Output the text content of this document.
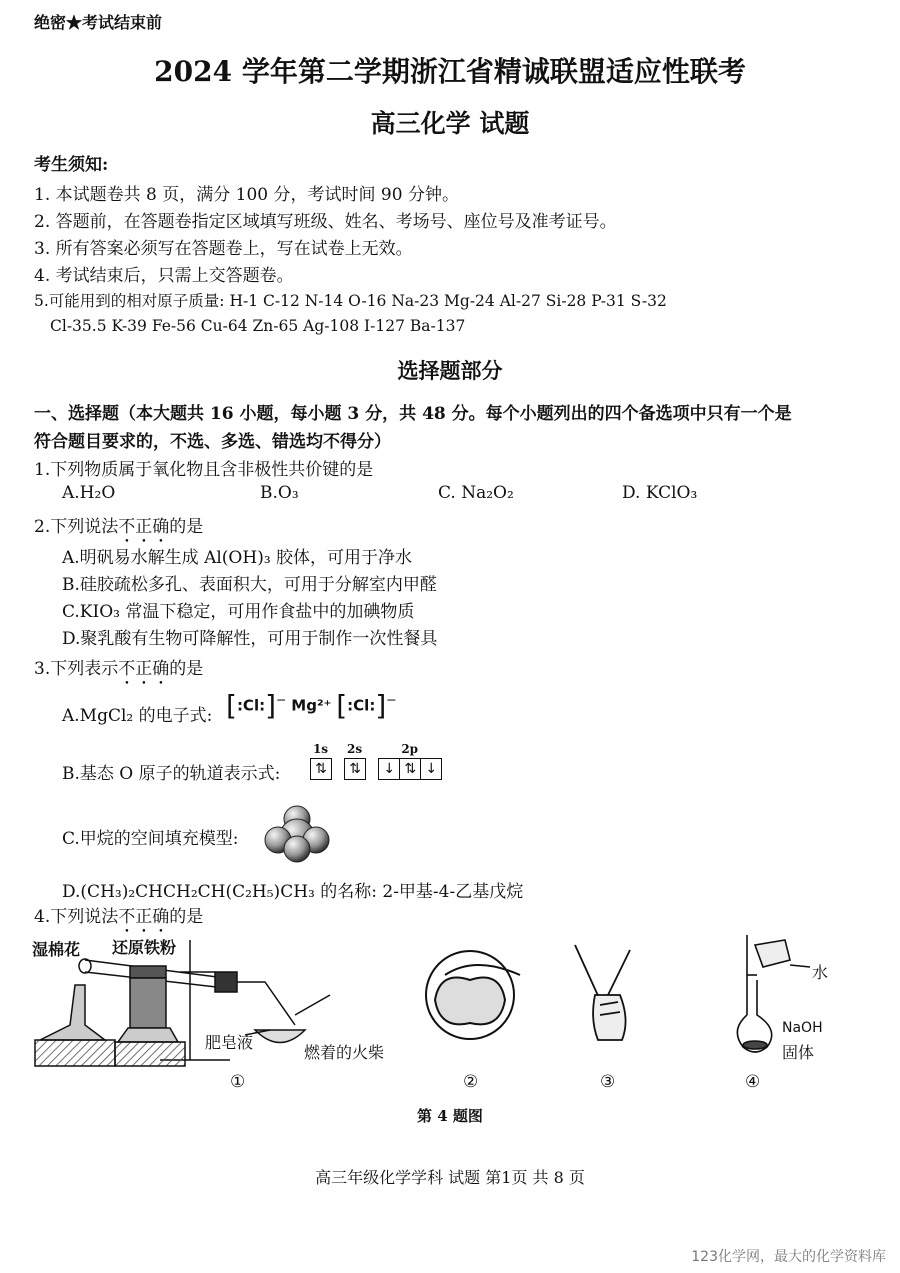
绝密★考试结束前
2024 学年第二学期浙江省精诚联盟适应性联考
高三化学 试题
考生须知:
1. 本试题卷共 8 页，满分 100 分，考试时间 90 分钟。
2. 答题前，在答题卷指定区域填写班级、姓名、考场号、座位号及准考证号。
3. 所有答案必须写在答题卷上，写在试卷上无效。
4. 考试结束后，只需上交答题卷。
5.可能用到的相对原子质量: H-1 C-12 N-14 O-16 Na-23 Mg-24 Al-27 Si-28 P-31 S-32
Cl-35.5 K-39 Fe-56 Cu-64 Zn-65 Ag-108 I-127 Ba-137
选择题部分
一、选择题（本大题共 16 小题，每小题 3 分，共 48 分。每个小题列出的四个备选项中只有一个是
符合题目要求的，不选、多选、错选均不得分）
1.下列物质属于氧化物且含非极性共价键的是
A.H₂O	B.O₃	C. Na₂O₂	D. KClO₃
2.下列说法不正确的是
A.明矾易水解生成 Al(OH)₃ 胶体，可用于净水
B.硅胶疏松多孔、表面积大，可用于分解室内甲醛
C.KIO₃ 常温下稳定，可用作食盐中的加碘物质
D.聚乳酸有生物可降解性，可用于制作一次性餐具
3.下列表示不正确的是
A.MgCl₂ 的电子式: [:Cl:]− Mg²⁺ [:Cl:]−
B.基态 O 原子的轨道表示式:
1s
⇅
2s
⇅
2p
↓ ⇅ ↓
C.甲烷的空间填充模型:
D.(CH₃)₂CHCH₂CH(C₂H₅)CH₃ 的名称: 2-甲基-4-乙基戊烷
4.下列说法不正确的是
湿棉花 还原铁粉
肥皂液
燃着的火柴
水
NaOH
固体
①	②	③	④
第 4 题图
高三年级化学学科 试题 第1页 共 8 页
123化学网，最大的化学资料库
